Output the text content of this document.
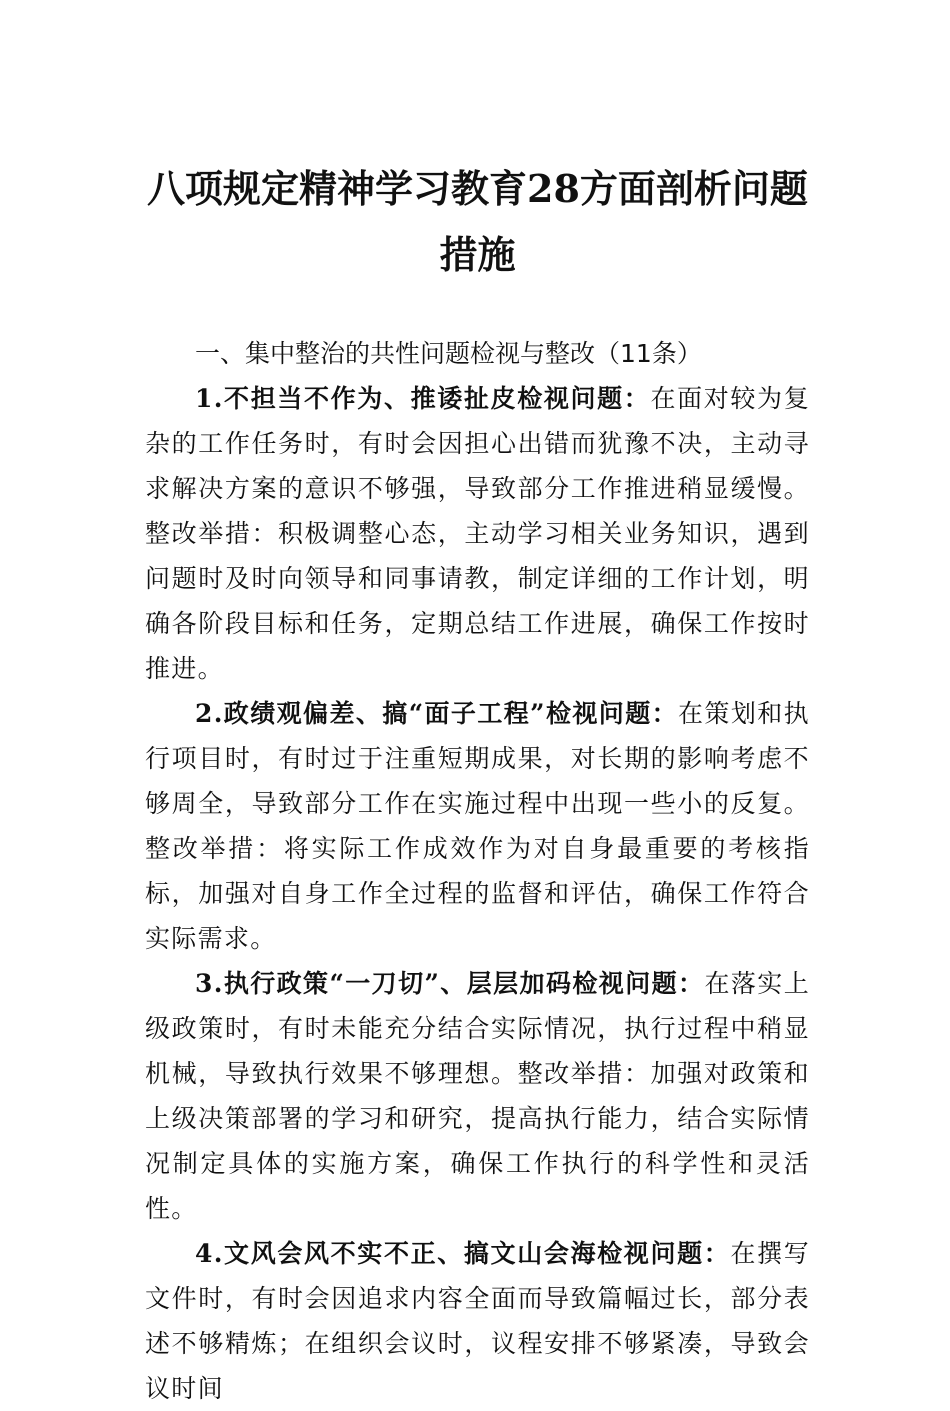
八项规定精神学习教育28方面剖析问题措施
一、集中整治的共性问题检视与整改（11条）

1.不担当不作为、推诿扯皮检视问题：在面对较为复杂的工作任务时，有时会因担心出错而犹豫不决，主动寻求解决方案的意识不够强，导致部分工作推进稍显缓慢。整改举措：积极调整心态，主动学习相关业务知识，遇到问题时及时向领导和同事请教，制定详细的工作计划，明确各阶段目标和任务，定期总结工作进展，确保工作按时推进。

2.政绩观偏差、搞“面子工程”检视问题：在策划和执行项目时，有时过于注重短期成果，对长期的影响考虑不够周全，导致部分工作在实施过程中出现一些小的反复。整改举措：将实际工作成效作为对自身最重要的考核指标，加强对自身工作全过程的监督和评估，确保工作符合实际需求。

3.执行政策“一刀切”、层层加码检视问题：在落实上级政策时，有时未能充分结合实际情况，执行过程中稍显机械，导致执行效果不够理想。整改举措：加强对政策和上级决策部署的学习和研究，提高执行能力，结合实际情况制定具体的实施方案，确保工作执行的科学性和灵活性。

4.文风会风不实不正、搞文山会海检视问题：在撰写文件时，有时会因追求内容全面而导致篇幅过长，部分表述不够精炼；在组织会议时，议程安排不够紧凑，导致会议时间
